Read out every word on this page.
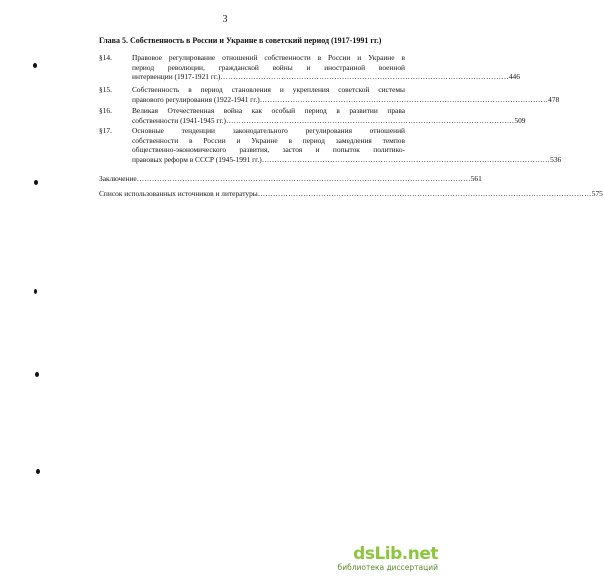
3
Глава 5. Собственность в России и Украине в советский период (1917-1991 гг.)
§14.	Правовое регулирование отношений собственности в России и Украине в
период революции, гражданской войны и иностранной военной
интервенции (1917-1921 гг.) …………………………………………………………………………………………………… 446
§15.	Собственность в период становления и укрепления советской системы
правового регулирования (1922-1941 гг.) …………………………………………………………………………………………………… 478
§16.	Великая Отечественная война как особый период в развитии права
собственности (1941-1945 гг.) …………………………………………………………………………………………………… 509
§17.	Основные тенденции законодательного регулирования отношений
собственности в России и Украине в период замедления темпов
общественно-экономического развития, застоя и попыток политико-
правовых реформ в СССР (1945-1991 гг.) …………………………………………………………………………………………………… 536
Заключение …………………………………………………………………………………………………………………… 561
Список использованных источников и литературы …………………………………………………………………………………………………………………… 575
dsLib.net
библиотека диссертаций
